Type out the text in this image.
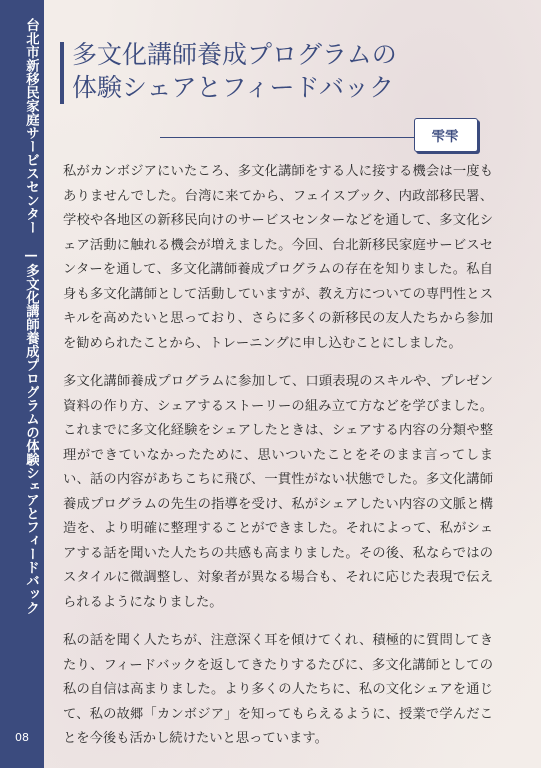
台北市新移民家庭サービスセンター　—多文化講師養成プログラムの体験シェアとフィードバック
08
多文化講師養成プログラムの
体験シェアとフィードバック
雫雫

私がカンボジアにいたころ、多文化講師をする人に接する機会は一度もありませんでした。台湾に来てから、フェイスブック、内政部移民署、学校や各地区の新移民向けのサービスセンターなどを通して、多文化シェア活動に触れる機会が増えました。今回、台北新移民家庭サービスセンターを通して、多文化講師養成プログラムの存在を知りました。私自身も多文化講師として活動していますが、教え方についての専門性とスキルを高めたいと思っており、さらに多くの新移民の友人たちから参加を勧められたことから、トレーニングに申し込むことにしました。

多文化講師養成プログラムに参加して、口頭表現のスキルや、プレゼン資料の作り方、シェアするストーリーの組み立て方などを学びました。これまでに多文化経験をシェアしたときは、シェアする内容の分類や整理ができていなかったために、思いついたことをそのまま言ってしまい、話の内容があちこちに飛び、一貫性がない状態でした。多文化講師養成プログラムの先生の指導を受け、私がシェアしたい内容の文脈と構造を、より明確に整理することができました。それによって、私がシェアする話を聞いた人たちの共感も高まりました。その後、私ならではのスタイルに微調整し、対象者が異なる場合も、それに応じた表現で伝えられるようになりました。

私の話を聞く人たちが、注意深く耳を傾けてくれ、積極的に質問してきたり、フィードバックを返してきたりするたびに、多文化講師としての私の自信は高まりました。より多くの人たちに、私の文化シェアを通じて、私の故郷「カンボジア」を知ってもらえるように、授業で学んだことを今後も活かし続けたいと思っています。
